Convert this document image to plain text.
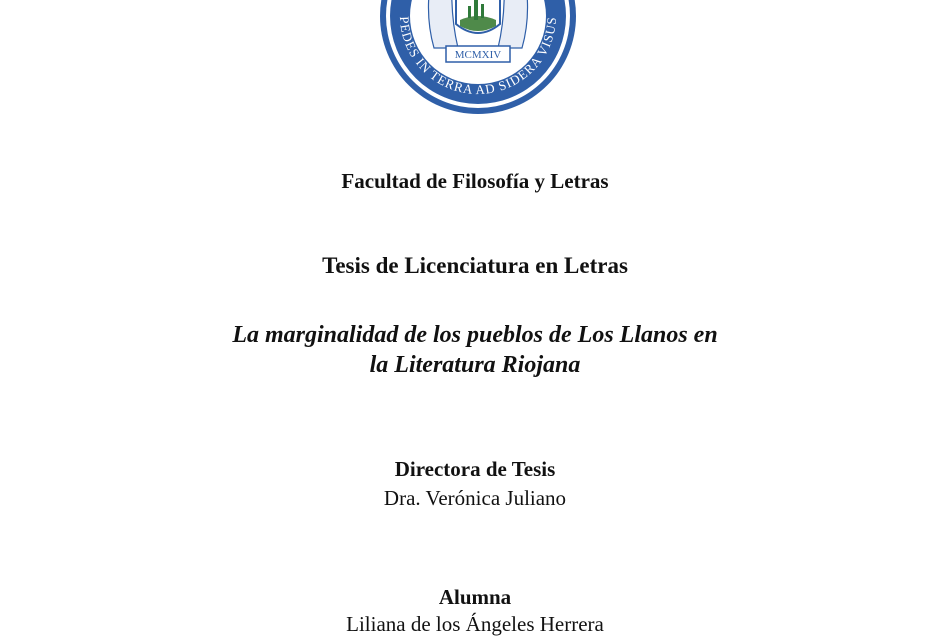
PEDES IN TERRA AD SIDERA VISUS
MCMXIV
Facultad de Filosofía y Letras
Tesis de Licenciatura en Letras
La marginalidad de los pueblos de Los Llanos en
la Literatura Riojana
Directora de Tesis
Dra. Verónica Juliano
Alumna
Liliana de los Ángeles Herrera
